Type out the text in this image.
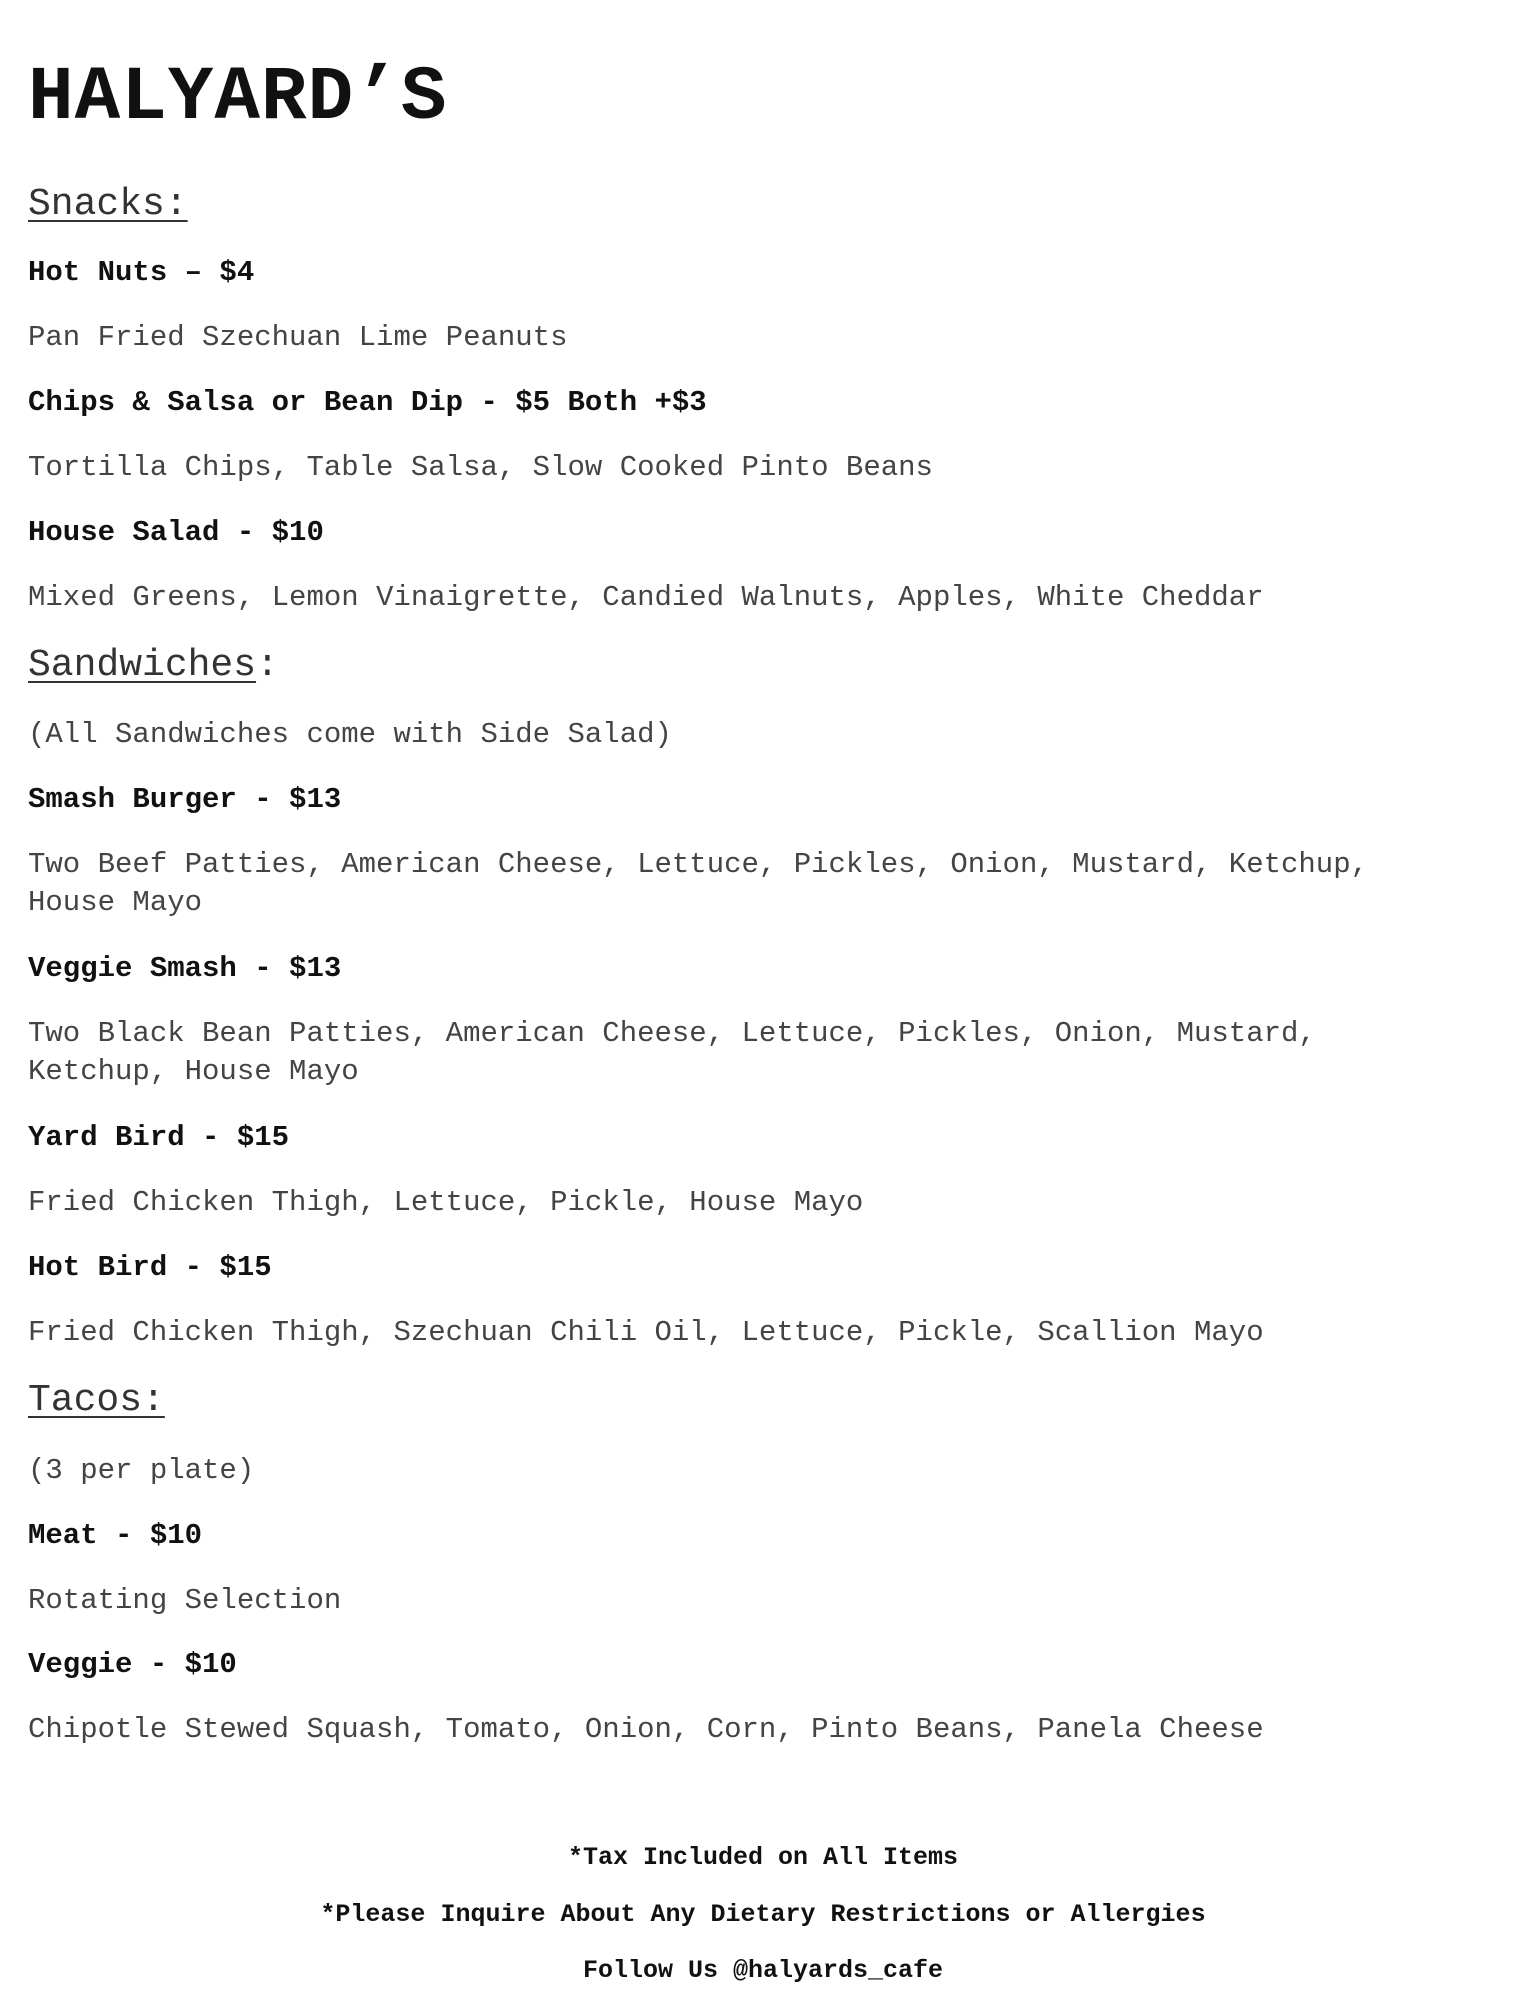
HALYARD’S
Snacks:

Hot Nuts – $4

Pan Fried Szechuan Lime Peanuts

Chips & Salsa or Bean Dip - $5 Both +$3

Tortilla Chips, Table Salsa, Slow Cooked Pinto Beans

House Salad - $10

Mixed Greens, Lemon Vinaigrette, Candied Walnuts, Apples, White Cheddar

Sandwiches:

(All Sandwiches come with Side Salad)

Smash Burger - $13

Two Beef Patties, American Cheese, Lettuce, Pickles, Onion, Mustard, Ketchup,
House Mayo

Veggie Smash - $13

Two Black Bean Patties, American Cheese, Lettuce, Pickles, Onion, Mustard,
Ketchup, House Mayo

Yard Bird - $15

Fried Chicken Thigh, Lettuce, Pickle, House Mayo

Hot Bird - $15

Fried Chicken Thigh, Szechuan Chili Oil, Lettuce, Pickle, Scallion Mayo

Tacos:

(3 per plate)

Meat - $10

Rotating Selection

Veggie - $10

Chipotle Stewed Squash, Tomato, Onion, Corn, Pinto Beans, Panela Cheese

*Tax Included on All Items

*Please Inquire About Any Dietary Restrictions or Allergies

Follow Us @halyards_cafe
